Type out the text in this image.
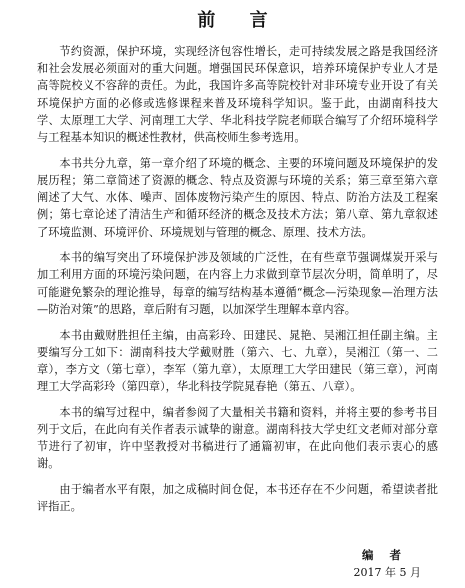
前 言

节约资源，保护环境，实现经济包容性增长，走可持续发展之路是我国经济和社会发展必须面对的重大问题。增强国民环保意识，培养环境保护专业人才是高等院校义不容辞的责任。为此，我国许多高等院校针对非环境专业开设了有关环境保护方面的必修或选修课程来普及环境科学知识。鉴于此，由湖南科技大学、太原理工大学、河南理工大学、华北科技学院老师联合编写了介绍环境科学与工程基本知识的概述性教材，供高校师生参考选用。

本书共分九章，第一章介绍了环境的概念、主要的环境问题及环境保护的发展历程；第二章简述了资源的概念、特点及资源与环境的关系；第三章至第六章阐述了大气、水体、噪声、固体废物污染产生的原因、特点、防治方法及工程案例；第七章论述了清洁生产和循环经济的概念及技术方法；第八章、第九章叙述了环境监测、环境评价、环境规划与管理的概念、原理、技术方法。

本书的编写突出了环境保护涉及领域的广泛性，在有些章节强调煤炭开采与加工利用方面的环境污染问题，在内容上力求做到章节层次分明，简单明了，尽可能避免繁杂的理论推导，每章的编写结构基本遵循“概念—污染现象—治理方法—防治对策”的思路，章后附有习题，以加深学生理解本章内容。

本书由戴财胜担任主编，由高彩玲、田建民、晁艳、吴湘江担任副主编。主要编写分工如下：湖南科技大学戴财胜（第六、七、九章），吴湘江（第一、二章），李方文（第七章），李军（第九章），太原理工大学田建民（第三章），河南理工大学高彩玲（第四章），华北科技学院晁春艳（第五、八章）。

本书的编写过程中，编者参阅了大量相关书籍和资料，并将主要的参考书目列于文后，在此向有关作者表示诚挚的谢意。湖南科技大学史红文老师对部分章节进行了初审，许中坚教授对书稿进行了通篇初审，在此向他们表示衷心的感谢。

由于编者水平有限，加之成稿时间仓促，本书还存在不少问题，希望读者批评指正。

编 者
2017 年 5 月
